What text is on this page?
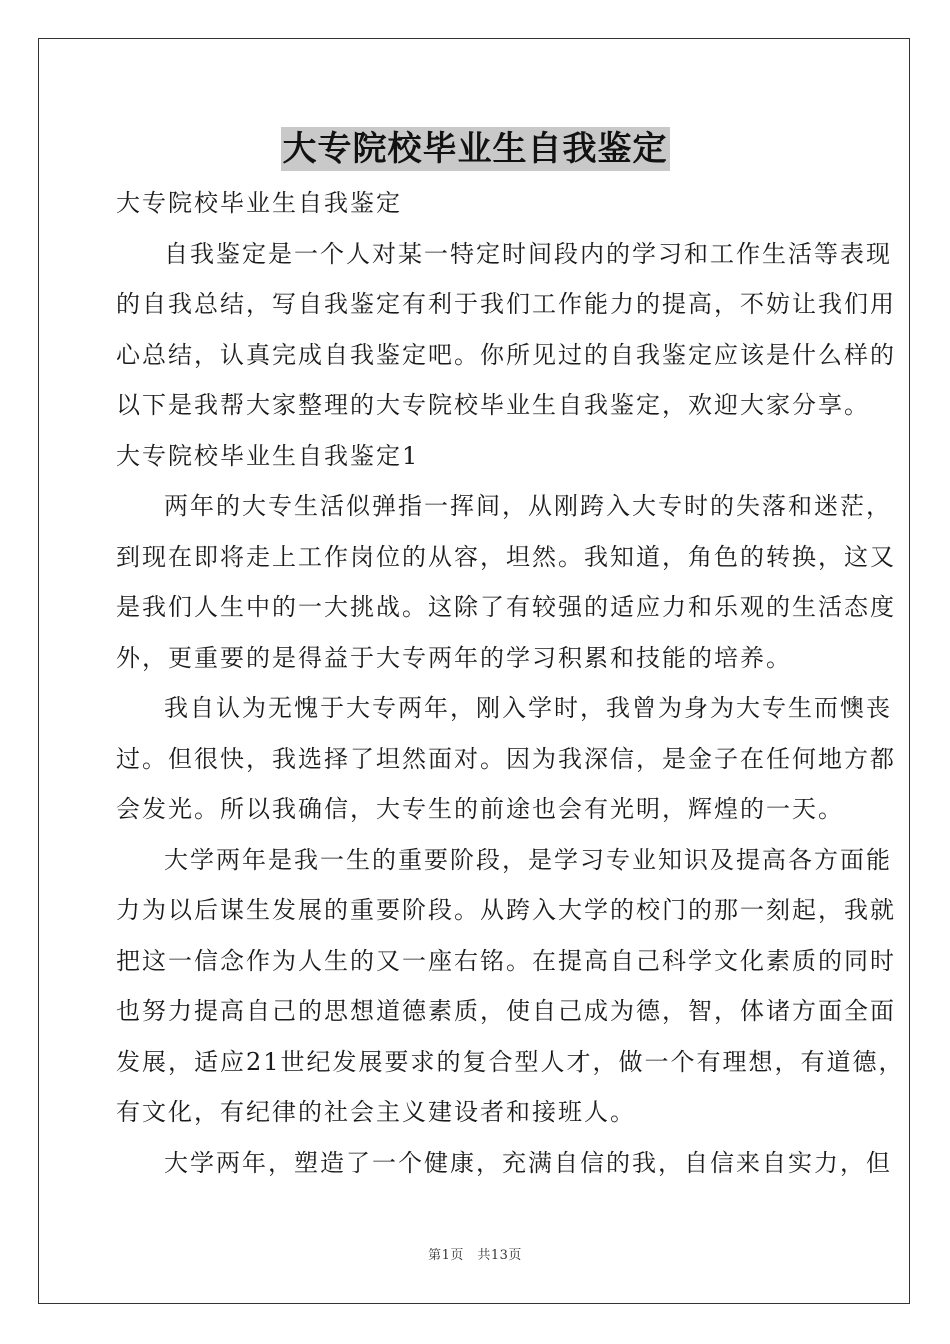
大专院校毕业生自我鉴定
大专院校毕业生自我鉴定
自我鉴定是一个人对某一特定时间段内的学习和工作生活等表现
的自我总结，写自我鉴定有利于我们工作能力的提高，不妨让我们用
心总结，认真完成自我鉴定吧。你所见过的自我鉴定应该是什么样的
以下是我帮大家整理的大专院校毕业生自我鉴定，欢迎大家分享。
大专院校毕业生自我鉴定1
两年的大专生活似弹指一挥间，从刚跨入大专时的失落和迷茫，
到现在即将走上工作岗位的从容，坦然。我知道，角色的转换，这又
是我们人生中的一大挑战。这除了有较强的适应力和乐观的生活态度
外，更重要的是得益于大专两年的学习积累和技能的培养。
我自认为无愧于大专两年，刚入学时，我曾为身为大专生而懊丧
过。但很快，我选择了坦然面对。因为我深信，是金子在任何地方都
会发光。所以我确信，大专生的前途也会有光明，辉煌的一天。
大学两年是我一生的重要阶段，是学习专业知识及提高各方面能
力为以后谋生发展的重要阶段。从跨入大学的校门的那一刻起，我就
把这一信念作为人生的又一座右铭。在提高自己科学文化素质的同时
也努力提高自己的思想道德素质，使自己成为德，智，体诸方面全面
发展，适应21世纪发展要求的复合型人才，做一个有理想，有道德，
有文化，有纪律的社会主义建设者和接班人。
大学两年，塑造了一个健康，充满自信的我，自信来自实力，但
第1页　共13页
